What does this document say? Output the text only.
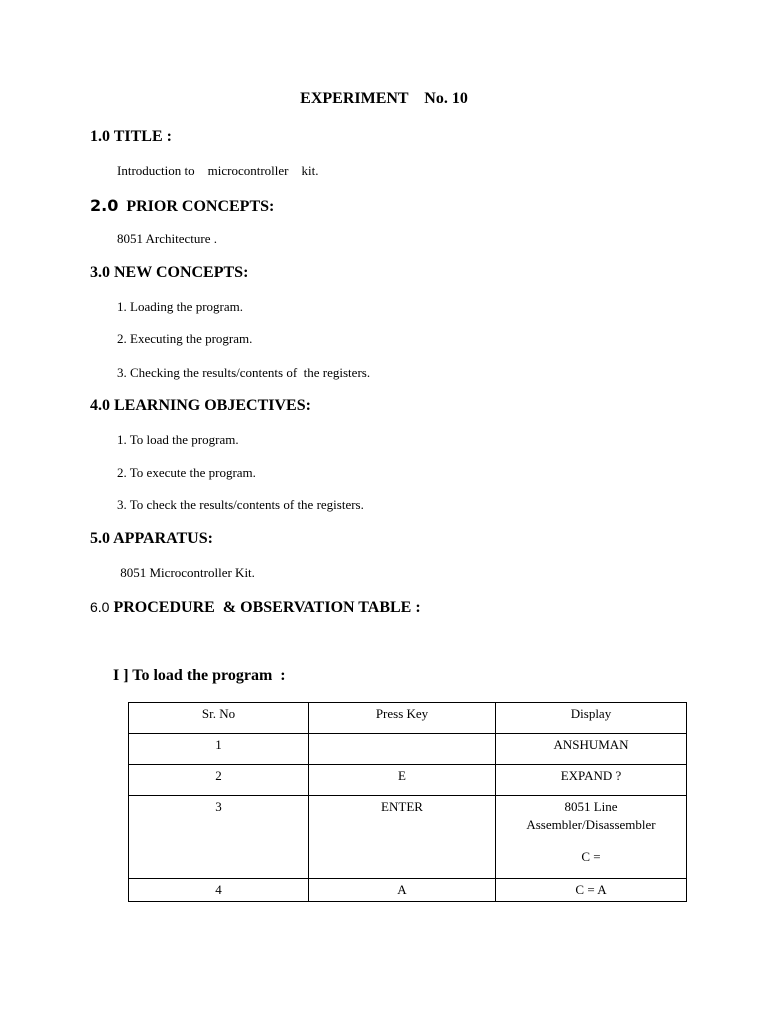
EXPERIMENT    No. 10
1.0 TITLE :
Introduction to    microcontroller    kit.
2.0  PRIOR CONCEPTS:
8051 Architecture .
3.0 NEW CONCEPTS:
1. Loading the program.
2. Executing the program.
3. Checking the results/contents of  the registers.
4.0 LEARNING OBJECTIVES:
1. To load the program.
2. To execute the program.
3. To check the results/contents of the registers.
5.0 APPARATUS:
8051 Microcontroller Kit.
6.0 PROCEDURE  & OBSERVATION TABLE :
I ] To load the program  :
Sr. No	Press Key	Display
1		ANSHUMAN
2	E	EXPAND ?
3	ENTER	8051 Line
Assembler/Disassembler
C =

4	A	C = A
